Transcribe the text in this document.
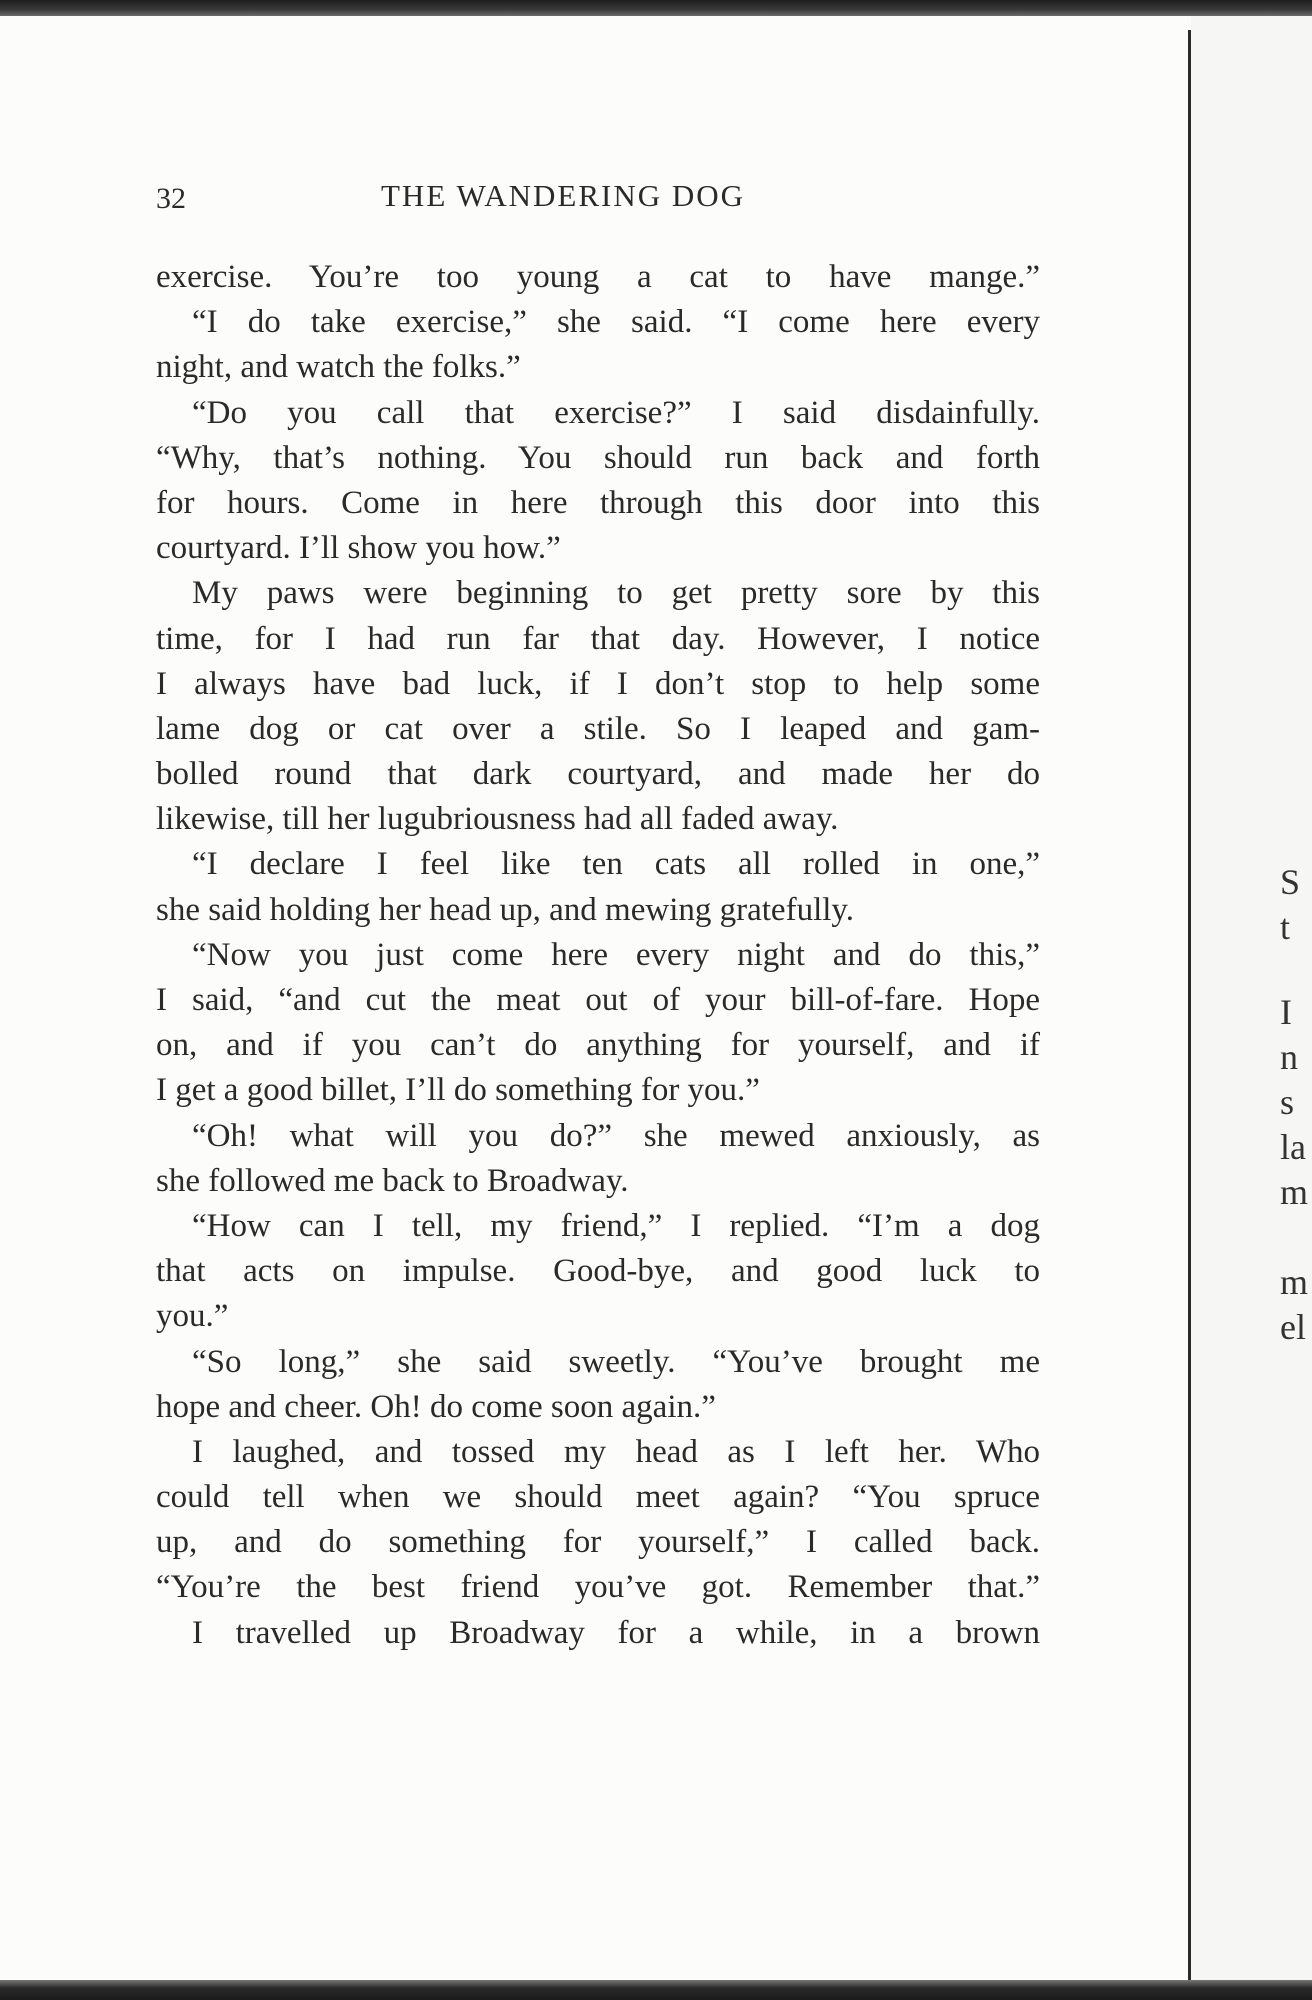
32	THE WANDERING DOG
exercise. You’re too young a cat to have mange.”
“I do take exercise,” she said. “I come here every
night, and watch the folks.”
“Do you call that exercise?” I said disdainfully.
“Why, that’s nothing. You should run back and forth
for hours. Come in here through this door into this
courtyard. I’ll show you how.”
My paws were beginning to get pretty sore by this
time, for I had run far that day. However, I notice
I always have bad luck, if I don’t stop to help some
lame dog or cat over a stile. So I leaped and gam-
bolled round that dark courtyard, and made her do
likewise, till her lugubriousness had all faded away.
“I declare I feel like ten cats all rolled in one,”
she said holding her head up, and mewing gratefully.
“Now you just come here every night and do this,”
I said, “and cut the meat out of your bill-of-fare. Hope
on, and if you can’t do anything for yourself, and if
I get a good billet, I’ll do something for you.”
“Oh! what will you do?” she mewed anxiously, as
she followed me back to Broadway.
“How can I tell, my friend,” I replied. “I’m a dog
that acts on impulse. Good-bye, and good luck to
you.”
“So long,” she said sweetly. “You’ve brought me
hope and cheer. Oh! do come soon again.”
I laughed, and tossed my head as I left her. Who
could tell when we should meet again? “You spruce
up, and do something for yourself,” I called back.
“You’re the best friend you’ve got. Remember that.”
I travelled up Broadway for a while, in a brown
S
t
I
n
s
la
m
m
el
